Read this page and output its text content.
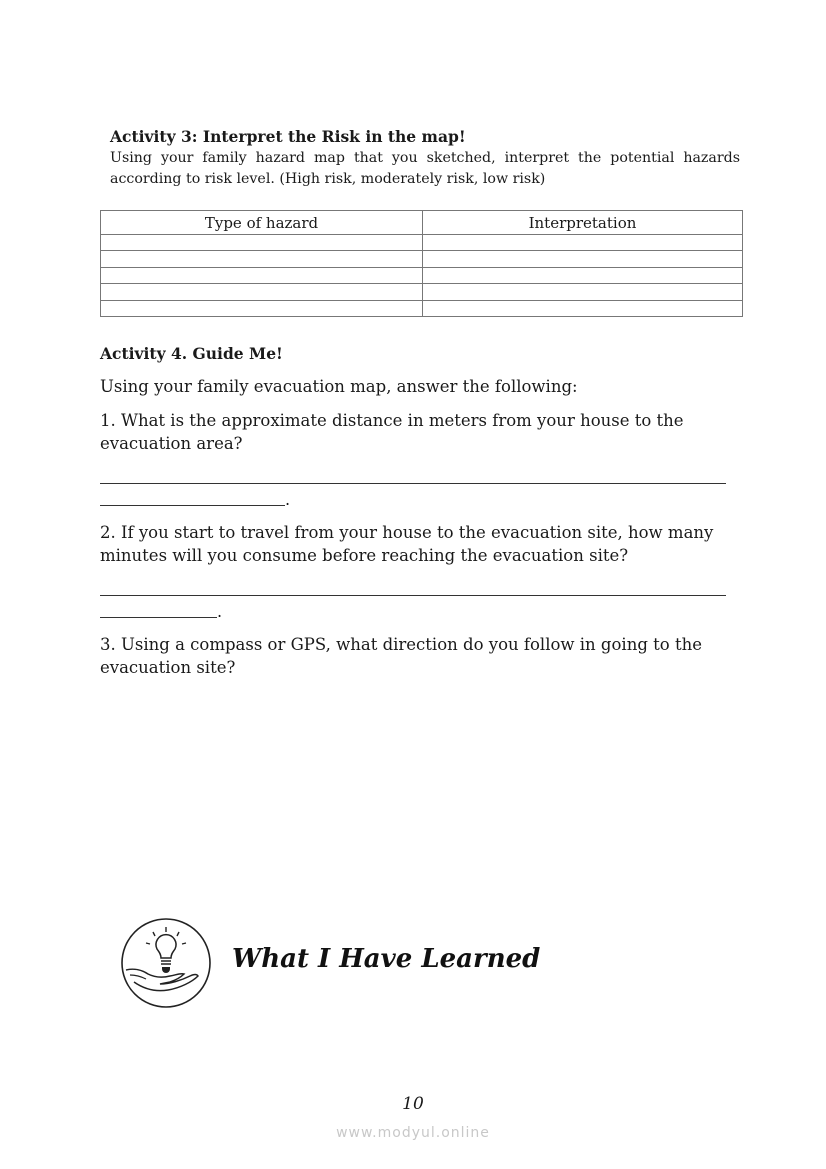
Activity 3: Interpret the Risk in the map!
Using your family hazard map that you sketched, interpret the potential hazards according to risk level. (High risk, moderately risk, low risk)
Type of hazard	Interpretation

Activity 4. Guide Me!
Using your family evacuation map, answer the following:
1. What is the approximate distance in meters from your house to the evacuation area?
.
2. If you start to travel from your house to the evacuation site, how many minutes will you consume before reaching the evacuation site?
.
3. Using a compass or GPS, what direction do you follow in going to the evacuation site?
What I Have Learned
10
www.modyul.online
